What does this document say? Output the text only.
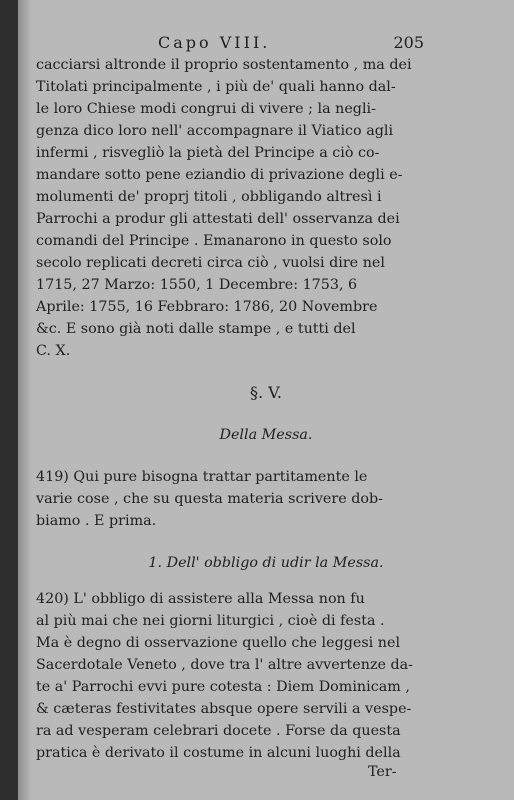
Capo VIII.	205
cacciarsi altronde il proprio sostentamento , ma dei
Titolati principalmente , i più de' quali hanno dal-
le loro Chiese modi congrui di vivere ; la negli-
genza dico loro nell' accompagnare il Viatico agli
infermi , risvegliò la pietà del Principe a ciò co-
mandare sotto pene eziandio di privazione degli e-
molumenti de' proprj titoli , obbligando altresì i
Parrochi a produr gli attestati dell' osservanza dei
comandi del Principe . Emanarono in questo solo
secolo replicati decreti circa ciò , vuolsi dire nel
1715, 27 Marzo: 1550, 1 Decembre: 1753, 6
Aprile: 1755, 16 Febbraro: 1786, 20 Novembre
&c. E sono già noti dalle stampe , e tutti del
C. X.
§. V.
Della Messa.
419) Qui pure bisogna trattar partitamente le
varie cose , che su questa materia scrivere dob-
biamo . E prima.
1. Dell' obbligo di udir la Messa.
420) L' obbligo di assistere alla Messa non fu
al più mai che nei giorni liturgici , cioè di festa .
Ma è degno di osservazione quello che leggesi nel
Sacerdotale Veneto , dove tra l' altre avvertenze da-
te a' Parrochi evvi pure cotesta : Diem Dominicam ,
& cæteras festivitates absque opere servili a vespe-
ra ad vesperam celebrari docete . Forse da questa
pratica è derivato il costume in alcuni luoghi della
Ter-
